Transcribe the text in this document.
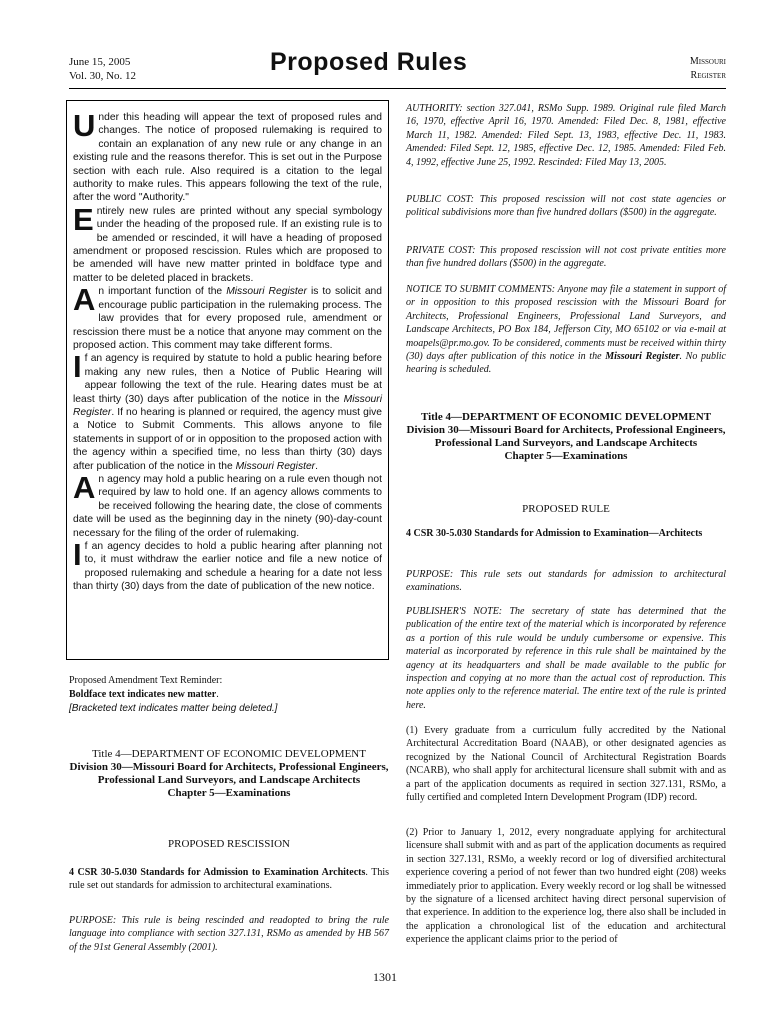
June 15, 2005
Vol. 30, No. 12	Proposed Rules	Missouri
Register

Under this heading will appear the text of proposed rules and changes. The notice of proposed rulemaking is required to contain an explanation of any new rule or any change in an existing rule and the reasons therefor. This is set out in the Purpose section with each rule. Also required is a citation to the legal authority to make rules. This appears following the text of the rule, after the word "Authority."

Entirely new rules are printed without any special symbology under the heading of the proposed rule. If an existing rule is to be amended or rescinded, it will have a heading of proposed amendment or proposed rescission. Rules which are proposed to be amended will have new matter printed in boldface type and matter to be deleted placed in brackets.

An important function of the Missouri Register is to solicit and encourage public participation in the rulemaking process. The law provides that for every proposed rule, amendment or rescission there must be a notice that anyone may comment on the proposed action. This comment may take different forms.

If an agency is required by statute to hold a public hearing before making any new rules, then a Notice of Public Hearing will appear following the text of the rule. Hearing dates must be at least thirty (30) days after publication of the notice in the Missouri Register. If no hearing is planned or required, the agency must give a Notice to Submit Comments. This allows anyone to file statements in support of or in opposition to the proposed action with the agency within a specified time, no less than thirty (30) days after publication of the notice in the Missouri Register.

An agency may hold a public hearing on a rule even though not required by law to hold one. If an agency allows comments to be received following the hearing date, the close of comments date will be used as the beginning day in the ninety (90)-day-count necessary for the filing of the order of rulemaking.

If an agency decides to hold a public hearing after planning not to, it must withdraw the earlier notice and file a new notice of proposed rulemaking and schedule a hearing for a date not less than thirty (30) days from the date of publication of the new notice.

Proposed Amendment Text Reminder:
Boldface text indicates new matter.
[Bracketed text indicates matter being deleted.]
Title 4—DEPARTMENT OF ECONOMIC DEVELOPMENT
Division 30—Missouri Board for Architects, Professional Engineers, Professional Land Surveyors, and Landscape Architects
Chapter 5—Examinations
PROPOSED RESCISSION
4 CSR 30-5.030 Standards for Admission to Examination Architects. This rule set out standards for admission to architectural examinations.
PURPOSE: This rule is being rescinded and readopted to bring the rule language into compliance with section 327.131, RSMo as amended by HB 567 of the 91st General Assembly (2001).
AUTHORITY: section 327.041, RSMo Supp. 1989. Original rule filed March 16, 1970, effective April 16, 1970. Amended: Filed Dec. 8, 1981, effective March 11, 1982. Amended: Filed Sept. 13, 1983, effective Dec. 11, 1983. Amended: Filed Sept. 12, 1985, effective Dec. 12, 1985. Amended: Filed Feb. 4, 1992, effective June 25, 1992. Rescinded: Filed May 13, 2005.
PUBLIC COST: This proposed rescission will not cost state agencies or political subdivisions more than five hundred dollars ($500) in the aggregate.
PRIVATE COST: This proposed rescission will not cost private entities more than five hundred dollars ($500) in the aggregate.
NOTICE TO SUBMIT COMMENTS: Anyone may file a statement in support of or in opposition to this proposed rescission with the Missouri Board for Architects, Professional Engineers, Professional Land Surveyors, and Landscape Architects, PO Box 184, Jefferson City, MO 65102 or via e-mail at moapels@pr.mo.gov. To be considered, comments must be received within thirty (30) days after publication of this notice in the Missouri Register. No public hearing is scheduled.
Title 4—DEPARTMENT OF ECONOMIC DEVELOPMENT
Division 30—Missouri Board for Architects, Professional Engineers, Professional Land Surveyors, and Landscape Architects
Chapter 5—Examinations
PROPOSED RULE
4 CSR 30-5.030 Standards for Admission to Examination—Architects
PURPOSE: This rule sets out standards for admission to architectural examinations.
PUBLISHER'S NOTE: The secretary of state has determined that the publication of the entire text of the material which is incorporated by reference as a portion of this rule would be unduly cumbersome or expensive. This material as incorporated by reference in this rule shall be maintained by the agency at its headquarters and shall be made available to the public for inspection and copying at no more than the actual cost of reproduction. This note applies only to the reference material. The entire text of the rule is printed here.
(1) Every graduate from a curriculum fully accredited by the National Architectural Accreditation Board (NAAB), or other designated agencies as recognized by the National Council of Architectural Registration Boards (NCARB), who shall apply for architectural licensure shall submit with and as a part of the application documents as required in section 327.131, RSMo, a fully certified and completed Intern Development Program (IDP) record.
(2) Prior to January 1, 2012, every nongraduate applying for architectural licensure shall submit with and as part of the application documents as required in section 327.131, RSMo, a weekly record or log of diversified architectural experience covering a period of not fewer than two hundred eight (208) weeks immediately prior to application. Every weekly record or log shall be witnessed by the signature of a licensed architect having direct personal supervision of that experience. In addition to the experience log, there also shall be included in the application a chronological list of the education and architectural experience the applicant claims prior to the period of
1301
